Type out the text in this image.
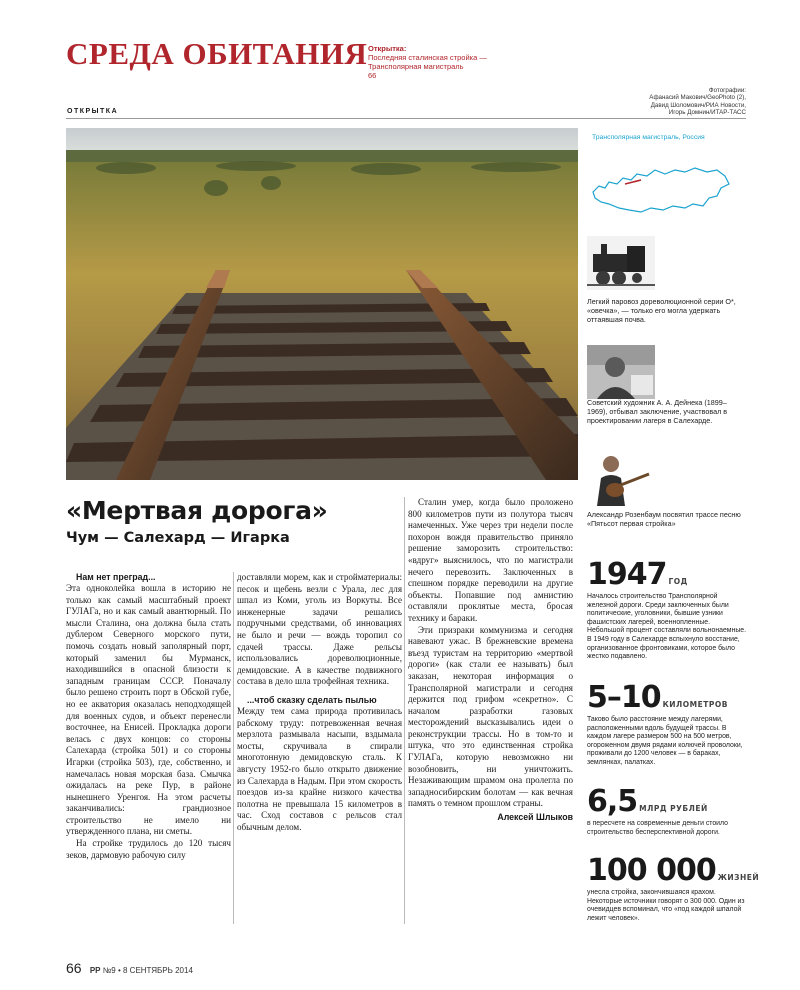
СРЕДА ОБИТАНИЯ Открытка:
Последняя сталинская стройка — Трансполярная магистраль
66
Фотографии:
Афанасий Макович/GeoPhoto (2),
Давид Шоломович/РИА Новости,
Игорь Домнин/ИТАР-ТАСС
ОТКРЫТКА
Трансполярная магистраль, Россия
Легкий паровоз дореволюционной серии О*, «овечка», — только его могла удержать оттаявшая почва.
Советский художник А. А. Дейнека (1899–1969), отбывал заключение, участвовал в проектировании лагеря в Салехарде.
Александр Розенбаум посвятил трассе песню «Пятьсот первая стройка»
«Мертвая дорога»
Чум — Салехард — Игарка

Нам нет преград...

Эта одноколейка вошла в историю не только как самый масштабный проект ГУЛАГа, но и как самый авантюрный. По мысли Сталина, она должна была стать дублером Северного морского пути, помочь создать новый заполярный порт, который заменил бы Мурманск, находившийся в опасной близости к западным границам СССР. Поначалу было решено строить порт в Обской губе, но ее акватория оказалась неподходящей для военных судов, и объект перенесли восточнее, на Енисей. Прокладка дороги велась с двух концов: со стороны Салехарда (стройка 501) и со стороны Игарки (стройка 503), где, собственно, и намечалась новая морская база. Смычка ожидалась на реке Пур, в районе нынешнего Уренгоя. На этом расчеты заканчивались: грандиозное строительство не имело ни утвержденного плана, ни сметы.

На стройке трудилось до 120 тысяч зеков, дармовую рабочую силу

доставляли морем, как и стройматериалы: песок и щебень везли с Урала, лес для шпал из Коми, уголь из Воркуты. Все инженерные задачи решались подручными средствами, об инновациях не было и речи — вождь торопил со сдачей трассы. Даже рельсы использовались дореволюционные, демидовские. А в качестве подвижного состава в дело шла трофейная техника.

...чтоб сказку сделать пылью

Между тем сама природа противилась рабскому труду: потревоженная вечная мерзлота размывала насыпи, вздымала мосты, скручивала в спирали многотонную демидовскую сталь. К августу 1952-го было открыто движение из Салехарда в Надым. При этом скорость поездов из-за крайне низкого качества полотна не превышала 15 километров в час. Сход составов с рельсов стал обычным делом.

Сталин умер, когда было проложено 800 километров пути из полутора тысяч намеченных. Уже через три недели после похорон вождя правительство приняло решение заморозить строительство: «вдруг» выяснилось, что по магистрали нечего перевозить. Заключенных в спешном порядке переводили на другие объекты. Попавшие под амнистию оставляли проклятые места, бросая технику и бараки.

Эти призраки коммунизма и сегодня навевают ужас. В брежневские времена въезд туристам на территорию «мертвой дороги» (как стали ее называть) был заказан, некоторая информация о Трансполярной магистрали и сегодня держится под грифом «секретно». С началом разработки газовых месторождений высказывались идеи о реконструкции трассы. Но в том-то и штука, что это единственная стройка ГУЛАГа, которую невозможно ни возобновить, ни уничтожить. Незаживающим шрамом она пролегла по западносибирским болотам — как вечная память о темном прошлом страны.

Алексей Шлыков
1947 ГОД
Началось строительство Трансполярной железной дороги. Среди заключенных были политические, уголовники, бывшие узники фашистских лагерей, военнопленные. Небольшой процент составляли вольнонаемные. В 1949 году в Салехарде вспыхнуло восстание, организованное фронтовиками, которое было жестко подавлено.
5–10 КИЛОМЕТРОВ
Таково было расстояние между лагерями, расположенными вдоль будущей трассы. В каждом лагере размером 500 на 500 метров, огороженном двумя рядами колючей проволоки, проживали до 1200 человек — в бараках, землянках, палатках.
6,5 МЛРД РУБЛЕЙ
в пересчете на современные деньги стоило строительство бесперспективной дороги.
100 000 ЖИЗНЕЙ
унесла стройка, закончившаяся крахом. Некоторые источники говорят о 300 000. Один из очевидцев вспоминал, что «под каждой шпалой лежит человек».
66 РР №9 • 8 СЕНТЯБРЬ 2014
